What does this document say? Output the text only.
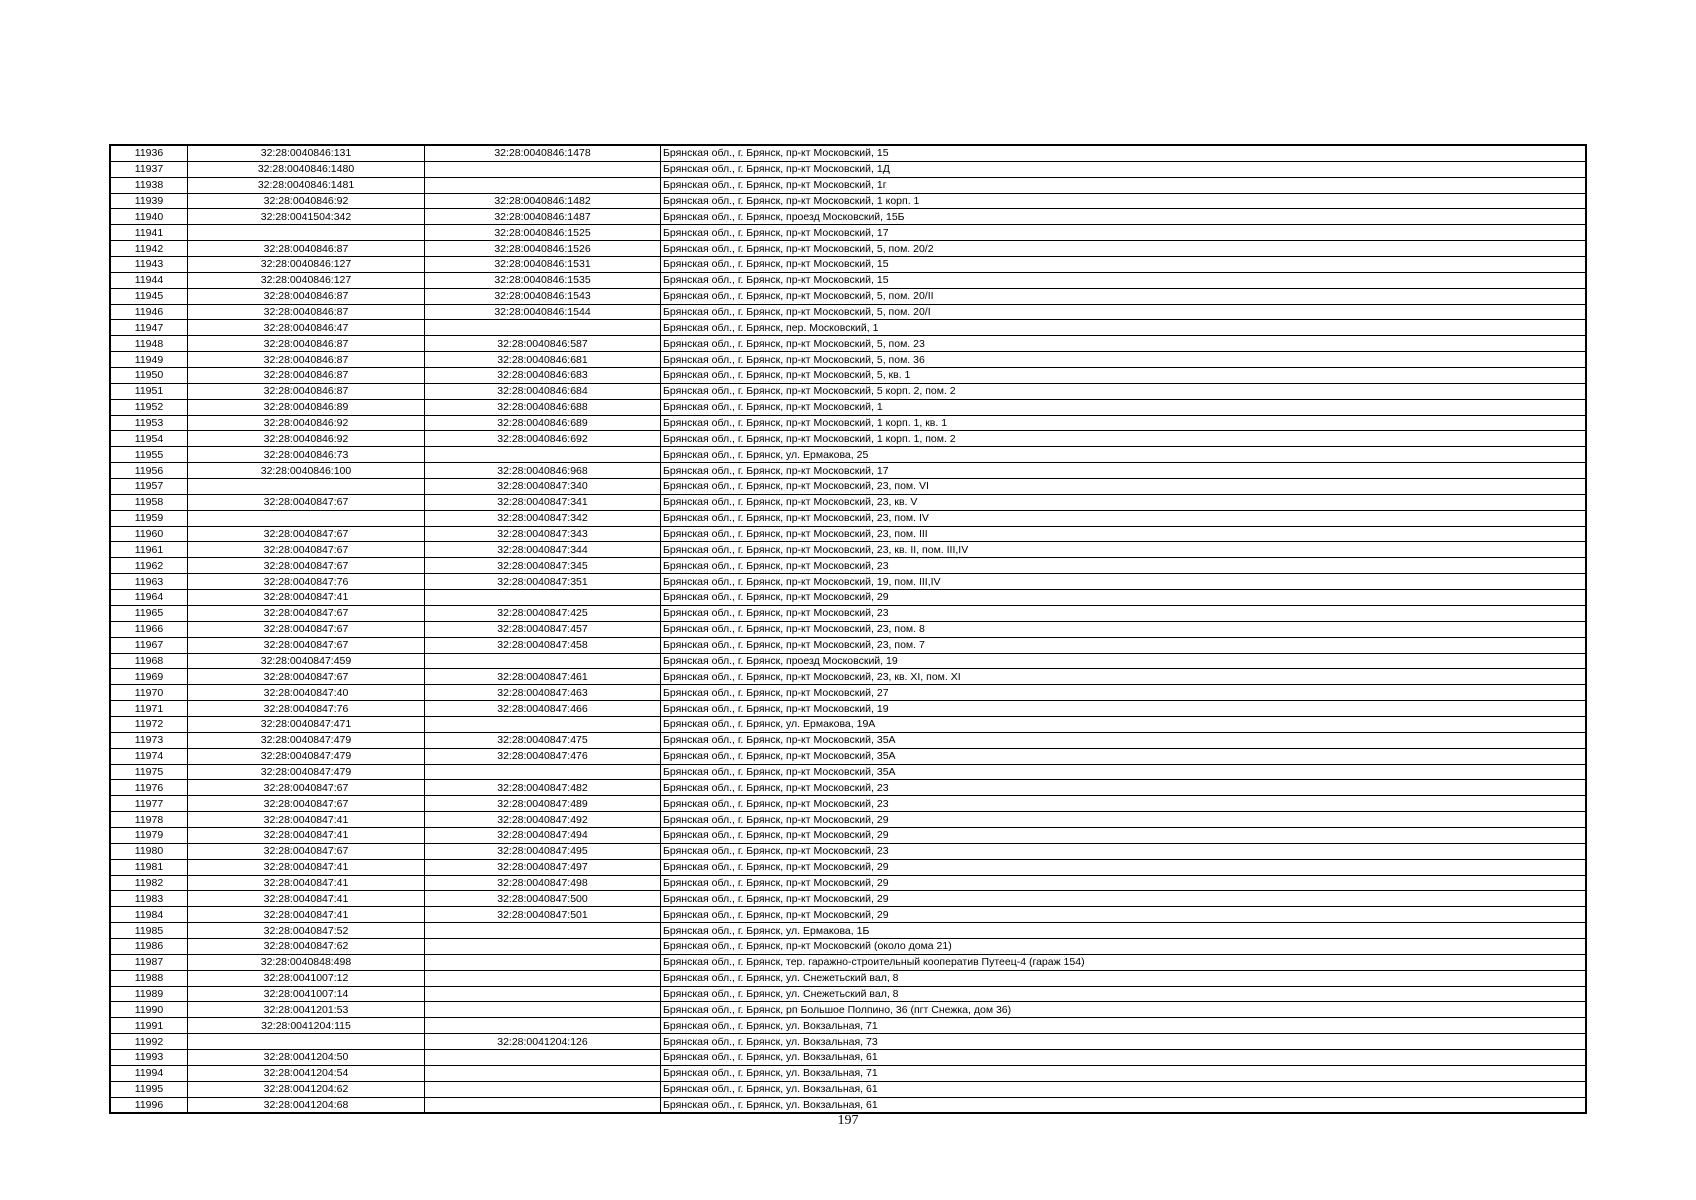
11936	32:28:0040846:131	32:28:0040846:1478	Брянская обл., г. Брянск, пр-кт Московский, 15
11937	32:28:0040846:1480		Брянская обл., г. Брянск, пр-кт Московский, 1Д
11938	32:28:0040846:1481		Брянская обл., г. Брянск, пр-кт Московский, 1г
11939	32:28:0040846:92	32:28:0040846:1482	Брянская обл., г. Брянск, пр-кт Московский, 1 корп. 1
11940	32:28:0041504:342	32:28:0040846:1487	Брянская обл., г. Брянск, проезд Московский, 15Б
11941		32:28:0040846:1525	Брянская обл., г. Брянск, пр-кт Московский, 17
11942	32:28:0040846:87	32:28:0040846:1526	Брянская обл., г. Брянск, пр-кт Московский, 5, пом. 20/2
11943	32:28:0040846:127	32:28:0040846:1531	Брянская обл., г. Брянск, пр-кт Московский, 15
11944	32:28:0040846:127	32:28:0040846:1535	Брянская обл., г. Брянск, пр-кт Московский, 15
11945	32:28:0040846:87	32:28:0040846:1543	Брянская обл., г. Брянск, пр-кт Московский, 5, пом. 20/II
11946	32:28:0040846:87	32:28:0040846:1544	Брянская обл., г. Брянск, пр-кт Московский, 5, пом. 20/I
11947	32:28:0040846:47		Брянская обл., г. Брянск, пер. Московский, 1
11948	32:28:0040846:87	32:28:0040846:587	Брянская обл., г. Брянск, пр-кт Московский, 5, пом. 23
11949	32:28:0040846:87	32:28:0040846:681	Брянская обл., г. Брянск, пр-кт Московский, 5, пом. 36
11950	32:28:0040846:87	32:28:0040846:683	Брянская обл., г. Брянск, пр-кт Московский, 5, кв. 1
11951	32:28:0040846:87	32:28:0040846:684	Брянская обл., г. Брянск, пр-кт Московский, 5 корп. 2, пом. 2
11952	32:28:0040846:89	32:28:0040846:688	Брянская обл., г. Брянск, пр-кт Московский, 1
11953	32:28:0040846:92	32:28:0040846:689	Брянская обл., г. Брянск, пр-кт Московский, 1 корп. 1, кв. 1
11954	32:28:0040846:92	32:28:0040846:692	Брянская обл., г. Брянск, пр-кт Московский, 1 корп. 1, пом. 2
11955	32:28:0040846:73		Брянская обл., г. Брянск, ул. Ермакова, 25
11956	32:28:0040846:100	32:28:0040846:968	Брянская обл., г. Брянск, пр-кт Московский, 17
11957		32:28:0040847:340	Брянская обл., г. Брянск, пр-кт Московский, 23, пом. VI
11958	32:28:0040847:67	32:28:0040847:341	Брянская обл., г. Брянск, пр-кт Московский, 23, кв. V
11959		32:28:0040847:342	Брянская обл., г. Брянск, пр-кт Московский, 23, пом. IV
11960	32:28:0040847:67	32:28:0040847:343	Брянская обл., г. Брянск, пр-кт Московский, 23, пом. III
11961	32:28:0040847:67	32:28:0040847:344	Брянская обл., г. Брянск, пр-кт Московский, 23, кв. II, пом. III,IV
11962	32:28:0040847:67	32:28:0040847:345	Брянская обл., г. Брянск, пр-кт Московский, 23
11963	32:28:0040847:76	32:28:0040847:351	Брянская обл., г. Брянск, пр-кт Московский, 19, пом. III,IV
11964	32:28:0040847:41		Брянская обл., г. Брянск, пр-кт Московский, 29
11965	32:28:0040847:67	32:28:0040847:425	Брянская обл., г. Брянск, пр-кт Московский, 23
11966	32:28:0040847:67	32:28:0040847:457	Брянская обл., г. Брянск, пр-кт Московский, 23, пом. 8
11967	32:28:0040847:67	32:28:0040847:458	Брянская обл., г. Брянск, пр-кт Московский, 23, пом. 7
11968	32:28:0040847:459		Брянская обл., г. Брянск, проезд Московский, 19
11969	32:28:0040847:67	32:28:0040847:461	Брянская обл., г. Брянск, пр-кт Московский, 23, кв. XI, пом. XI
11970	32:28:0040847:40	32:28:0040847:463	Брянская обл., г. Брянск, пр-кт Московский, 27
11971	32:28:0040847:76	32:28:0040847:466	Брянская обл., г. Брянск, пр-кт Московский, 19
11972	32:28:0040847:471		Брянская обл., г. Брянск, ул. Ермакова, 19А
11973	32:28:0040847:479	32:28:0040847:475	Брянская обл., г. Брянск, пр-кт Московский, 35А
11974	32:28:0040847:479	32:28:0040847:476	Брянская обл., г. Брянск, пр-кт Московский, 35А
11975	32:28:0040847:479		Брянская обл., г. Брянск, пр-кт Московский, 35А
11976	32:28:0040847:67	32:28:0040847:482	Брянская обл., г. Брянск, пр-кт Московский, 23
11977	32:28:0040847:67	32:28:0040847:489	Брянская обл., г. Брянск, пр-кт Московский, 23
11978	32:28:0040847:41	32:28:0040847:492	Брянская обл., г. Брянск, пр-кт Московский, 29
11979	32:28:0040847:41	32:28:0040847:494	Брянская обл., г. Брянск, пр-кт Московский, 29
11980	32:28:0040847:67	32:28:0040847:495	Брянская обл., г. Брянск, пр-кт Московский, 23
11981	32:28:0040847:41	32:28:0040847:497	Брянская обл., г. Брянск, пр-кт Московский, 29
11982	32:28:0040847:41	32:28:0040847:498	Брянская обл., г. Брянск, пр-кт Московский, 29
11983	32:28:0040847:41	32:28:0040847:500	Брянская обл., г. Брянск, пр-кт Московский, 29
11984	32:28:0040847:41	32:28:0040847:501	Брянская обл., г. Брянск, пр-кт Московский, 29
11985	32:28:0040847:52		Брянская обл., г. Брянск, ул. Ермакова, 1Б
11986	32:28:0040847:62		Брянская обл., г. Брянск, пр-кт Московский (около дома 21)
11987	32:28:0040848:498		Брянская обл., г. Брянск, тер. гаражно-строительный кооператив Путеец-4 (гараж 154)
11988	32:28:0041007:12		Брянская обл., г. Брянск, ул. Снежетьский вал, 8
11989	32:28:0041007:14		Брянская обл., г. Брянск, ул. Снежетьский вал, 8
11990	32:28:0041201:53		Брянская обл., г. Брянск, рп Большое Полпино, 36 (пгт Снежка, дом 36)
11991	32:28:0041204:115		Брянская обл., г. Брянск, ул. Вокзальная, 71
11992		32:28:0041204:126	Брянская обл., г. Брянск, ул. Вокзальная, 73
11993	32:28:0041204:50		Брянская обл., г. Брянск, ул. Вокзальная, 61
11994	32:28:0041204:54		Брянская обл., г. Брянск, ул. Вокзальная, 71
11995	32:28:0041204:62		Брянская обл., г. Брянск, ул. Вокзальная, 61
11996	32:28:0041204:68		Брянская обл., г. Брянск, ул. Вокзальная, 61
197
